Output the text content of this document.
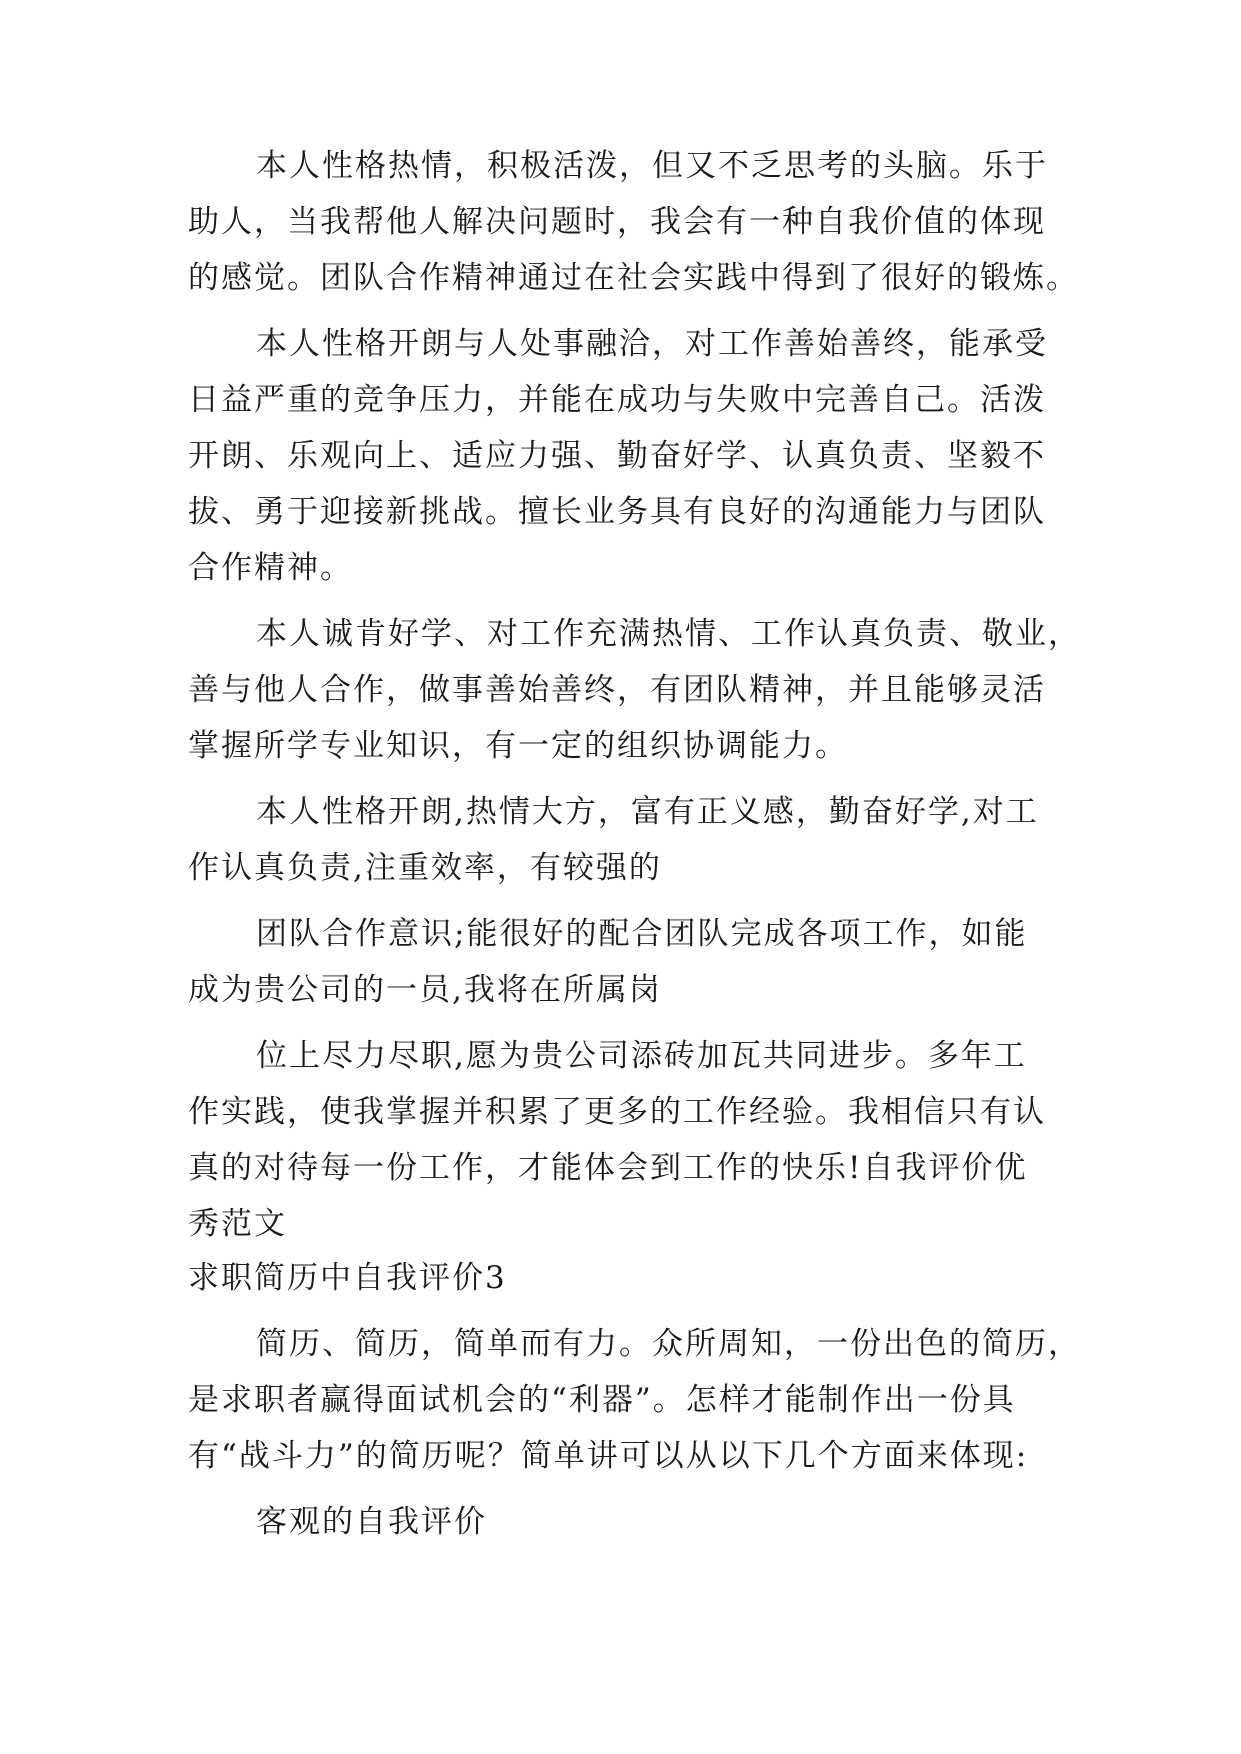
本人性格热情，积极活泼，但又不乏思考的头脑。乐于
助人，当我帮他人解决问题时，我会有一种自我价值的体现
的感觉。团队合作精神通过在社会实践中得到了很好的锻炼。
本人性格开朗与人处事融洽，对工作善始善终，能承受
日益严重的竞争压力，并能在成功与失败中完善自己。活泼
开朗、乐观向上、适应力强、勤奋好学、认真负责、坚毅不
拔、勇于迎接新挑战。擅长业务具有良好的沟通能力与团队
合作精神。
本人诚肯好学、对工作充满热情、工作认真负责、敬业，
善与他人合作，做事善始善终，有团队精神，并且能够灵活
掌握所学专业知识，有一定的组织协调能力。
本人性格开朗,热情大方，富有正义感，勤奋好学,对工
作认真负责,注重效率，有较强的
团队合作意识;能很好的配合团队完成各项工作，如能
成为贵公司的一员,我将在所属岗
位上尽力尽职,愿为贵公司添砖加瓦共同进步。多年工
作实践，使我掌握并积累了更多的工作经验。我相信只有认
真的对待每一份工作，才能体会到工作的快乐!自我评价优
秀范文
求职简历中自我评价3
简历、简历，简单而有力。众所周知，一份出色的简历，
是求职者赢得面试机会的“利器”。怎样才能制作出一份具
有“战斗力”的简历呢？简单讲可以从以下几个方面来体现:
客观的自我评价
